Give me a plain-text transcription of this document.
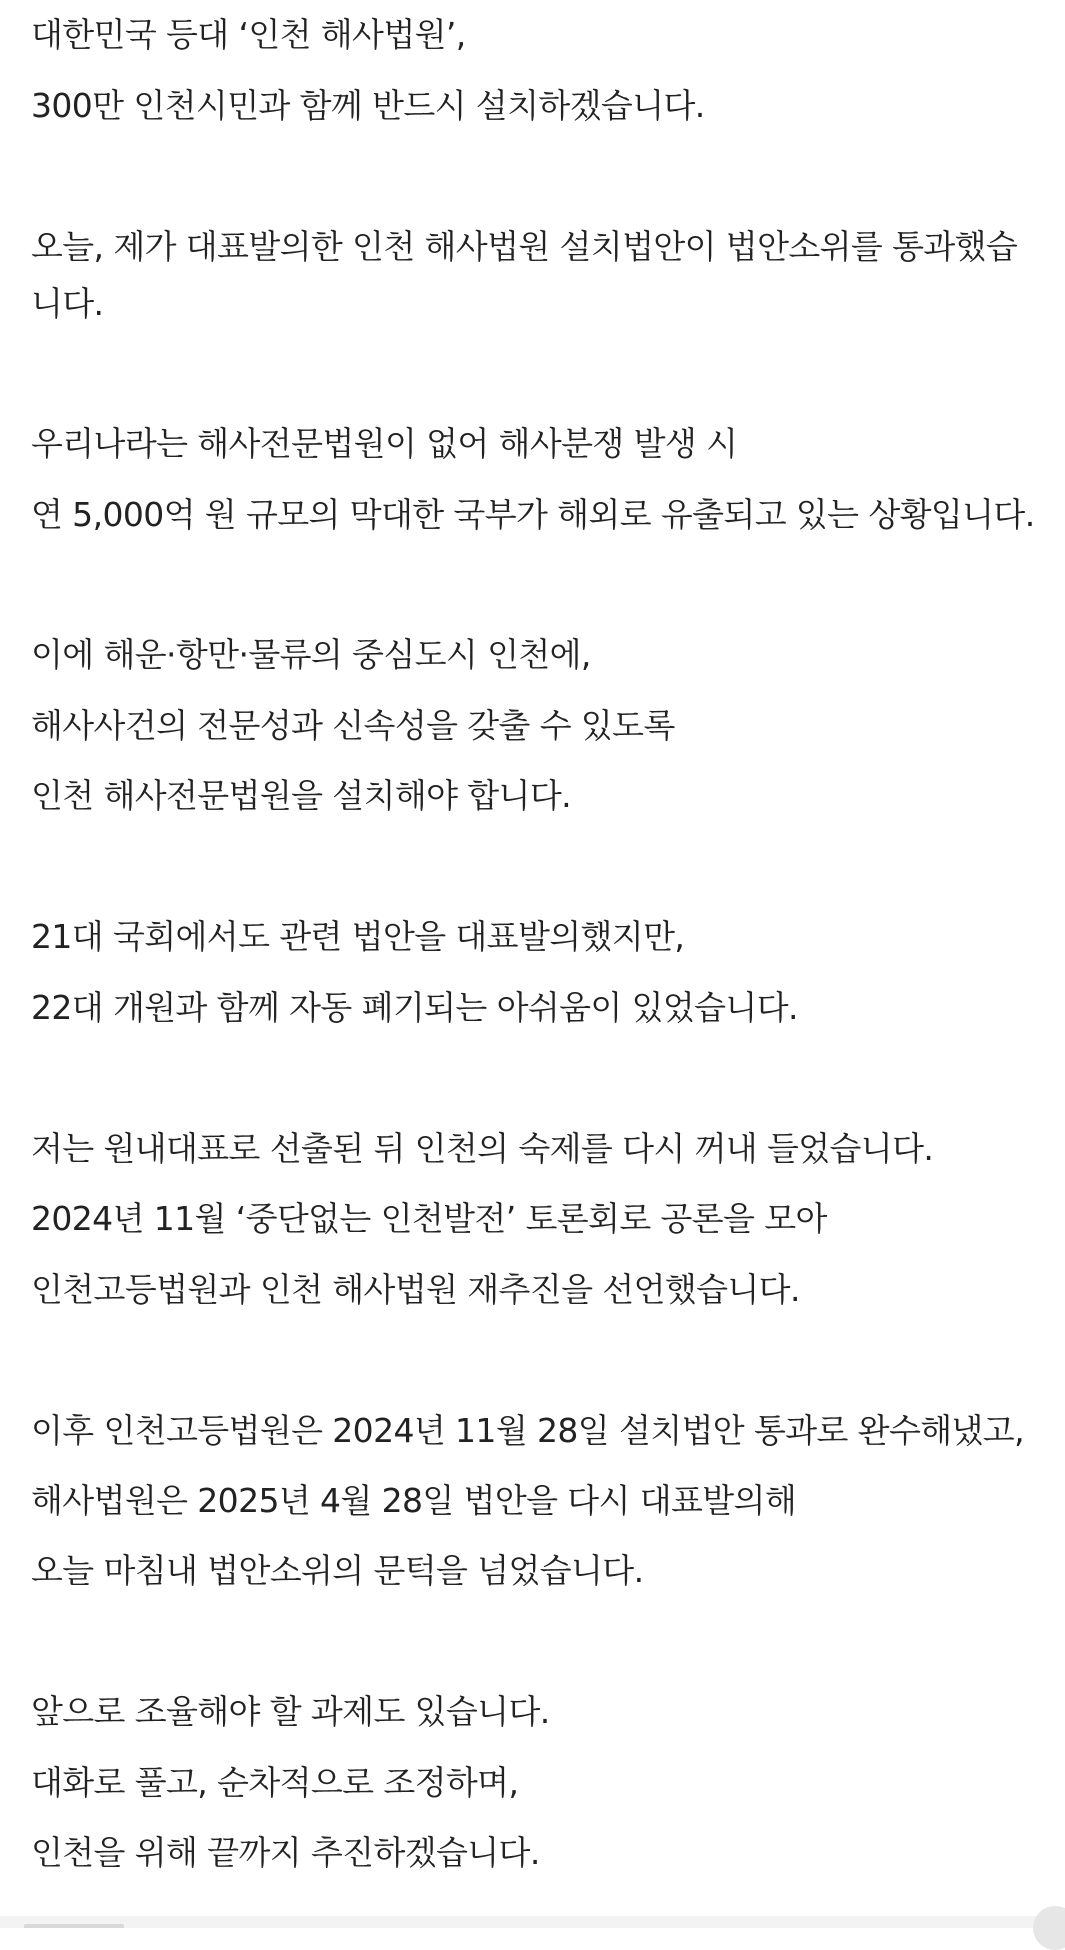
대한민국 등대 ‘인천 해사법원’,
300만 인천시민과 함께 반드시 설치하겠습니다.
오늘, 제가 대표발의한 인천 해사법원 설치법안이 법안소위를 통과했습니다.
우리나라는 해사전문법원이 없어 해사분쟁 발생 시
연 5,000억 원 규모의 막대한 국부가 해외로 유출되고 있는 상황입니다.
이에 해운·항만·물류의 중심도시 인천에,
해사사건의 전문성과 신속성을 갖출 수 있도록
인천 해사전문법원을 설치해야 합니다.
21대 국회에서도 관련 법안을 대표발의했지만,
22대 개원과 함께 자동 폐기되는 아쉬움이 있었습니다.
저는 원내대표로 선출된 뒤 인천의 숙제를 다시 꺼내 들었습니다.
2024년 11월 ‘중단없는 인천발전’ 토론회로 공론을 모아
인천고등법원과 인천 해사법원 재추진을 선언했습니다.
이후 인천고등법원은 2024년 11월 28일 설치법안 통과로 완수해냈고,
해사법원은 2025년 4월 28일 법안을 다시 대표발의해
오늘 마침내 법안소위의 문턱을 넘었습니다.
앞으로 조율해야 할 과제도 있습니다.
대화로 풀고, 순차적으로 조정하며,
인천을 위해 끝까지 추진하겠습니다.
